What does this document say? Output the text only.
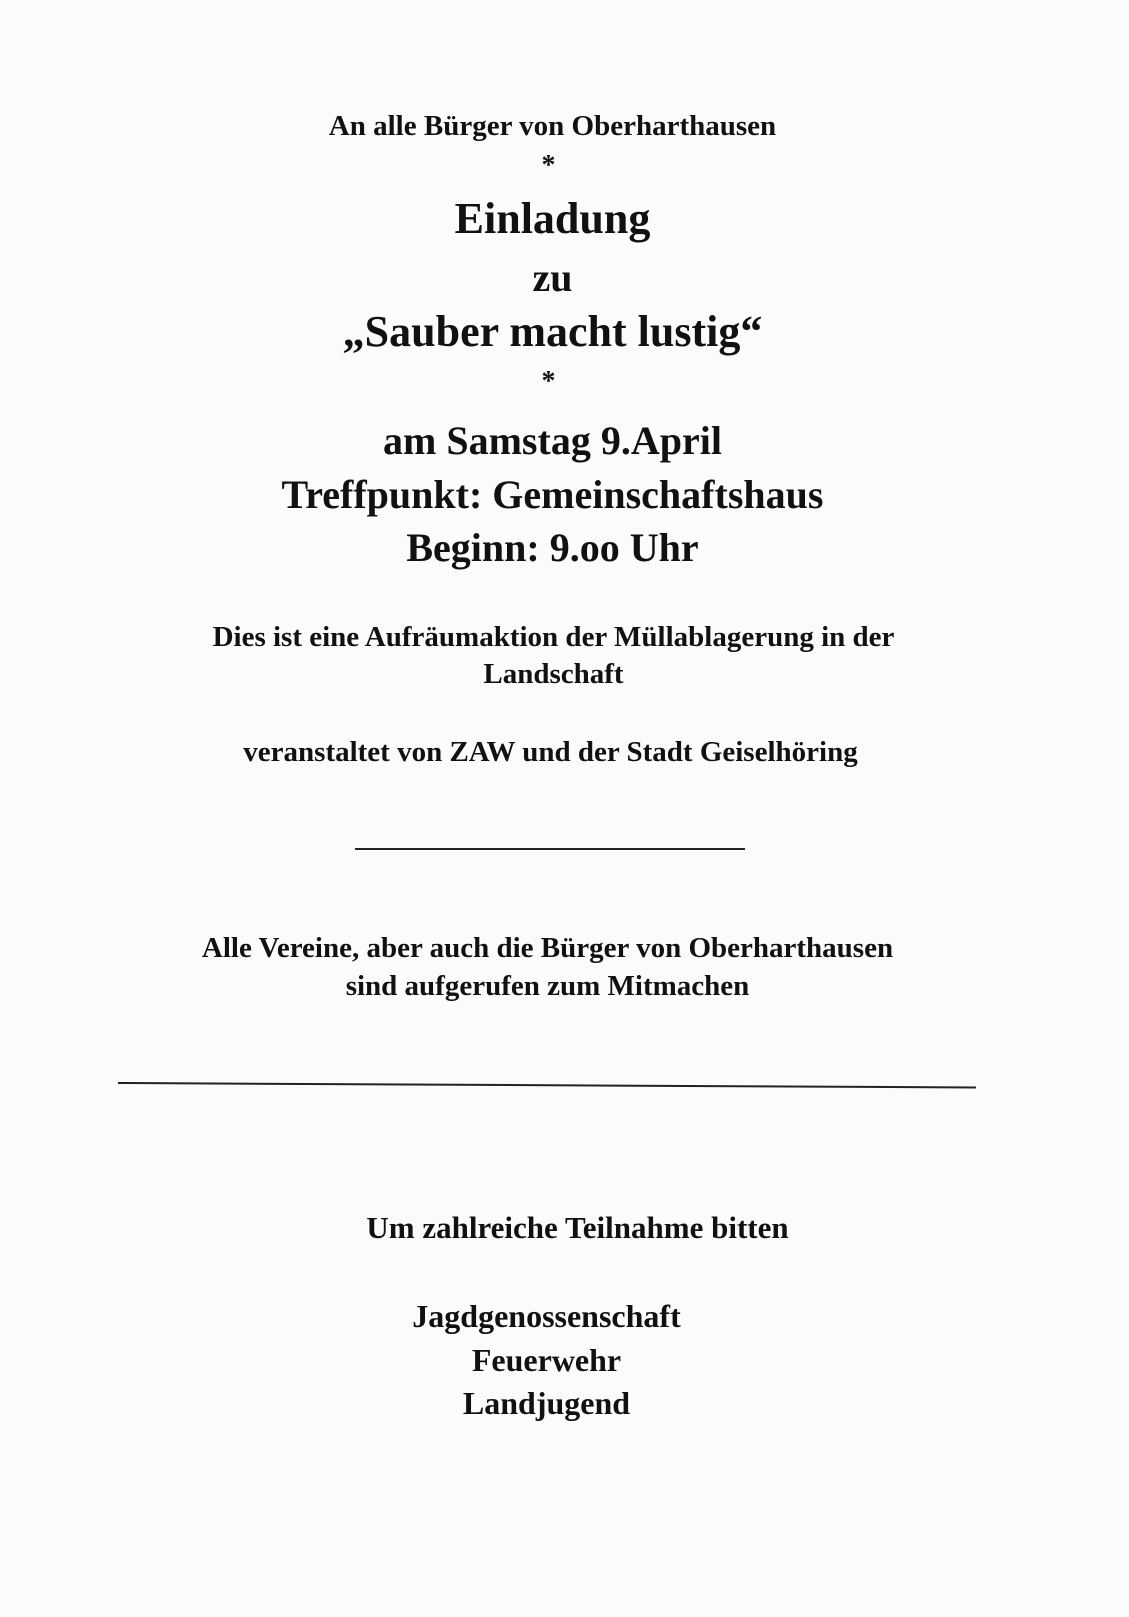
An alle Bürger von Oberharthausen
*
Einladung
zu
„Sauber macht lustig“
*
am Samstag 9.April
Treffpunkt: Gemeinschaftshaus
Beginn: 9.oo Uhr
Dies ist eine Aufräumaktion der Müllablagerung in der
Landschaft
veranstaltet von ZAW und der Stadt Geiselhöring
Alle Vereine, aber auch die Bürger von Oberharthausen
sind aufgerufen zum Mitmachen
Um zahlreiche Teilnahme bitten
Jagdgenossenschaft
Feuerwehr
Landjugend
